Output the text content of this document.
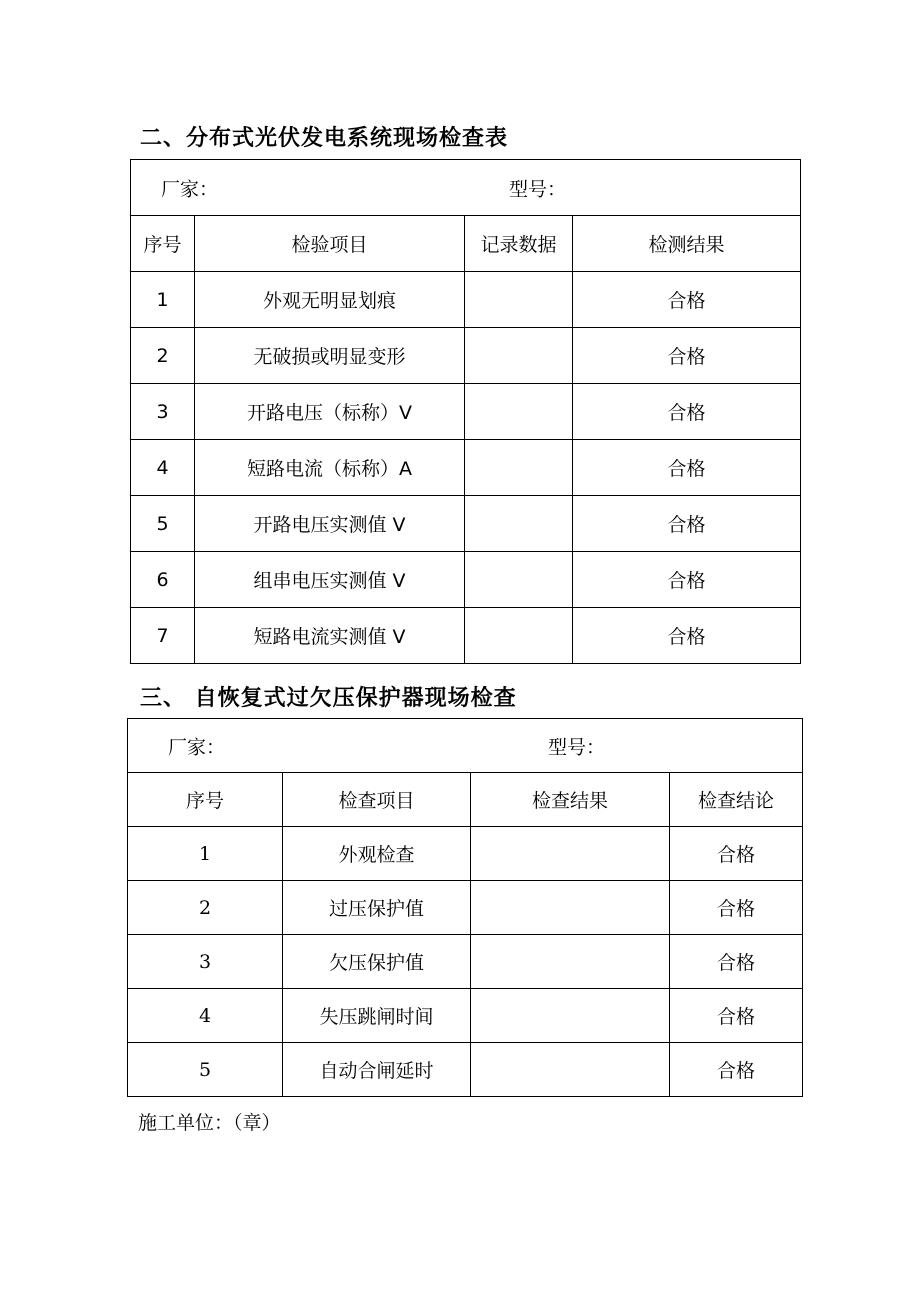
二、分布式光伏发电系统现场检查表
厂家： 型号：			

序号	检验项目	记录数据	检测结果
1	外观无明显划痕		合格
2	无破损或明显变形		合格
3	开路电压（标称）V		合格
4	短路电流（标称）A		合格
5	开路电压实测值 V		合格
6	组串电压实测值 V		合格
7	短路电流实测值 V		合格
三、 自恢复式过欠压保护器现场检查
厂家： 型号：			

序号	检查项目	检查结果	检查结论
1	外观检查		合格
2	过压保护值		合格
3	欠压保护值		合格
4	失压跳闸时间		合格
5	自动合闸延时		合格
施工单位：（章）
